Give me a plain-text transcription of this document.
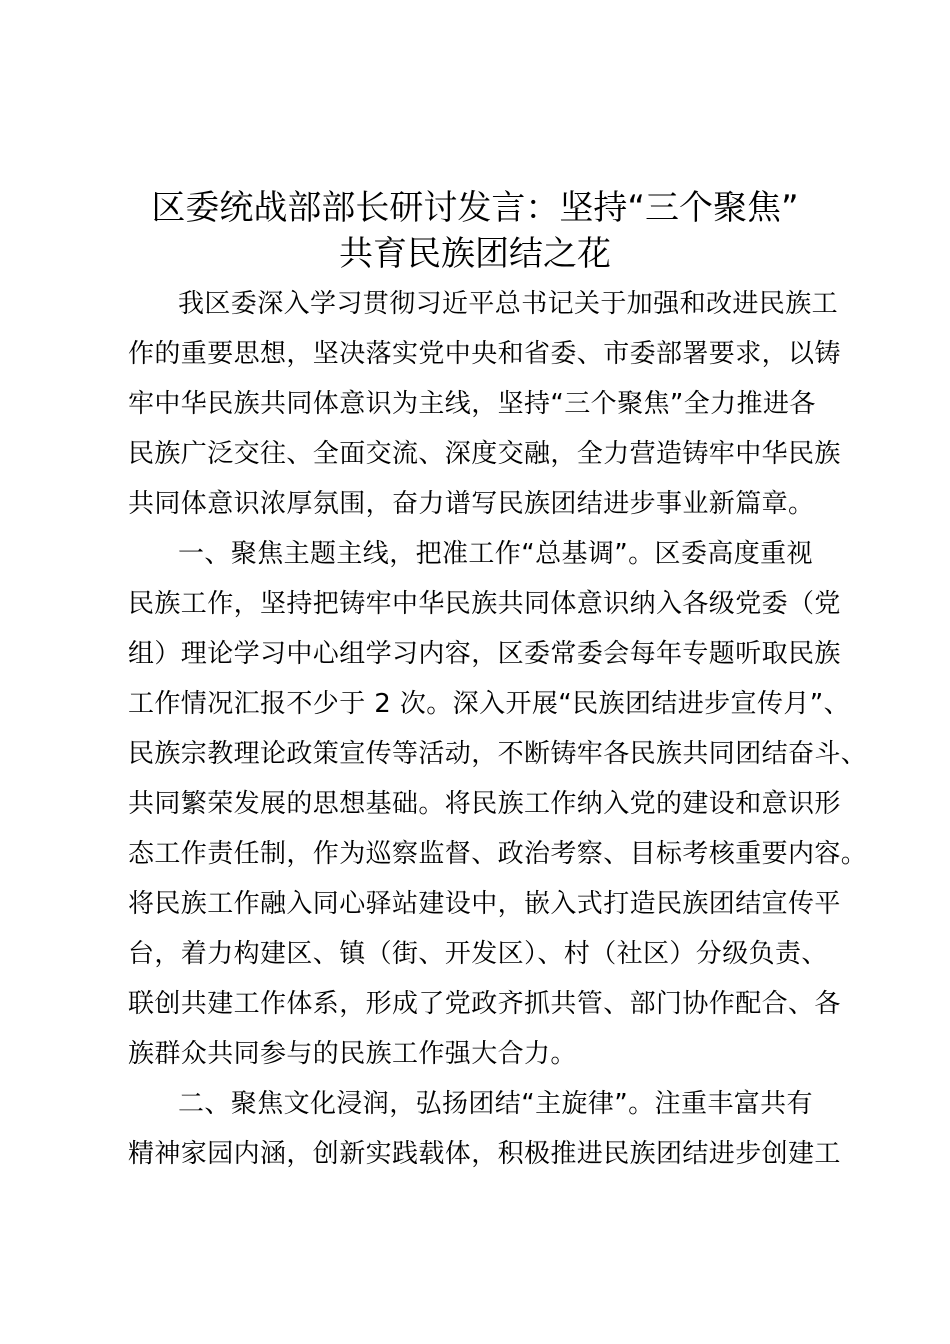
区委统战部部长研讨发言：坚持“三个聚焦”
共育民族团结之花
我区委深入学习贯彻习近平总书记关于加强和改进民族工
作的重要思想，坚决落实党中央和省委、市委部署要求，以铸
牢中华民族共同体意识为主线，坚持“三个聚焦”全力推进各
民族广泛交往、全面交流、深度交融，全力营造铸牢中华民族
共同体意识浓厚氛围，奋力谱写民族团结进步事业新篇章。
一、聚焦主题主线，把准工作“总基调”。区委高度重视
民族工作，坚持把铸牢中华民族共同体意识纳入各级党委（党
组）理论学习中心组学习内容，区委常委会每年专题听取民族
工作情况汇报不少于 2 次。深入开展“民族团结进步宣传月”、
民族宗教理论政策宣传等活动，不断铸牢各民族共同团结奋斗、
共同繁荣发展的思想基础。将民族工作纳入党的建设和意识形
态工作责任制，作为巡察监督、政治考察、目标考核重要内容。
将民族工作融入同心驿站建设中，嵌入式打造民族团结宣传平
台，着力构建区、镇（街、开发区）、村（社区）分级负责、
联创共建工作体系，形成了党政齐抓共管、部门协作配合、各
族群众共同参与的民族工作强大合力。
二、聚焦文化浸润，弘扬团结“主旋律”。注重丰富共有
精神家园内涵，创新实践载体，积极推进民族团结进步创建工
